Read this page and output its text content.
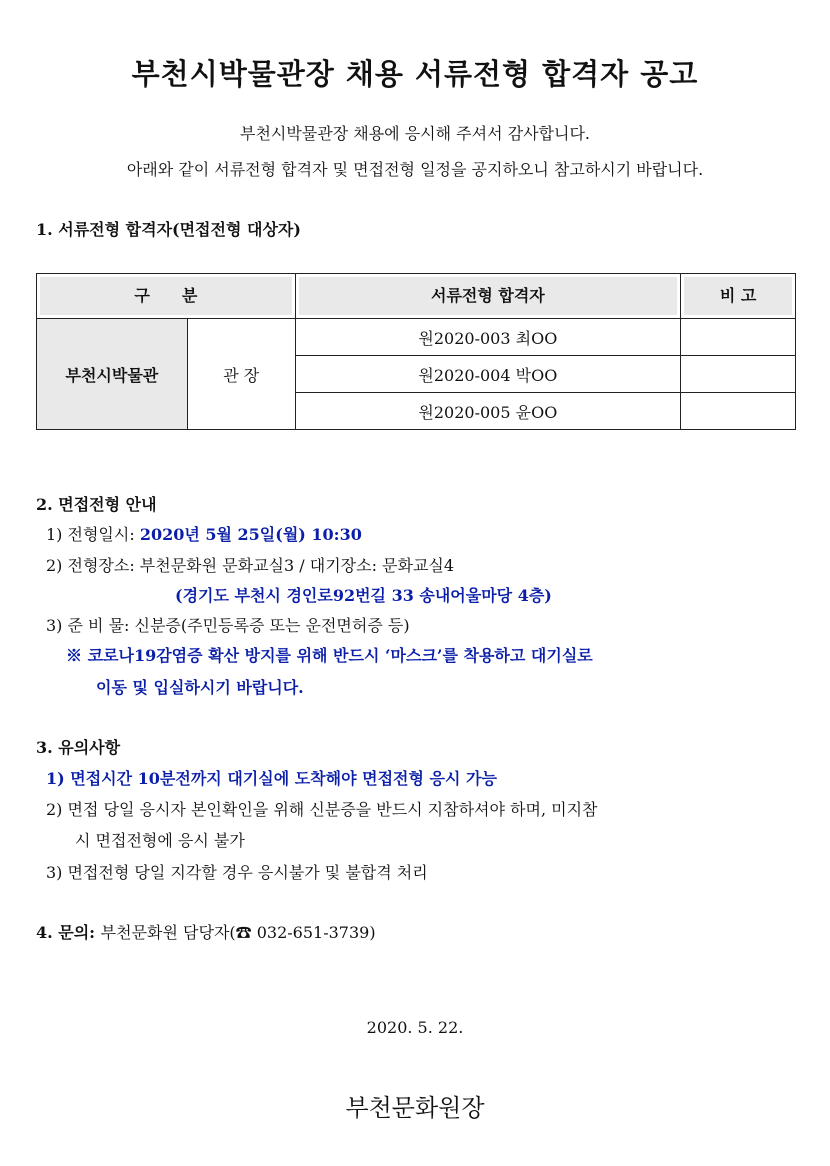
부천시박물관장 채용 서류전형 합격자 공고
부천시박물관장 채용에 응시해 주셔서 감사합니다.
아래와 같이 서류전형 합격자 및 면접전형 일정을 공지하오니 참고하시기 바랍니다.
1. 서류전형 합격자(면접전형 대상자)
구　　분		서류전형 합격자	비 고

부천시박물관	관 장	원2020-003 최OO	
		원2020-004 박OO	
		원2020-005 윤OO	
2. 면접전형 안내
1) 전형일시: 2020년 5월 25일(월) 10:30
2) 전형장소: 부천문화원 문화교실3 / 대기장소: 문화교실4
(경기도 부천시 경인로92번길 33 송내어울마당 4층)
3) 준 비 물: 신분증(주민등록증 또는 운전면허증 등)
※ 코로나19감염증 확산 방지를 위해 반드시 ‘마스크’를 착용하고 대기실로
이동 및 입실하시기 바랍니다.
3. 유의사항
1) 면접시간 10분전까지 대기실에 도착해야 면접전형 응시 가능
2) 면접 당일 응시자 본인확인을 위해 신분증을 반드시 지참하셔야 하며, 미지참
시 면접전형에 응시 불가
3) 면접전형 당일 지각할 경우 응시불가 및 불합격 처리
4. 문의: 부천문화원 담당자(☎ 032-651-3739)
2020. 5. 22.
부천문화원장
